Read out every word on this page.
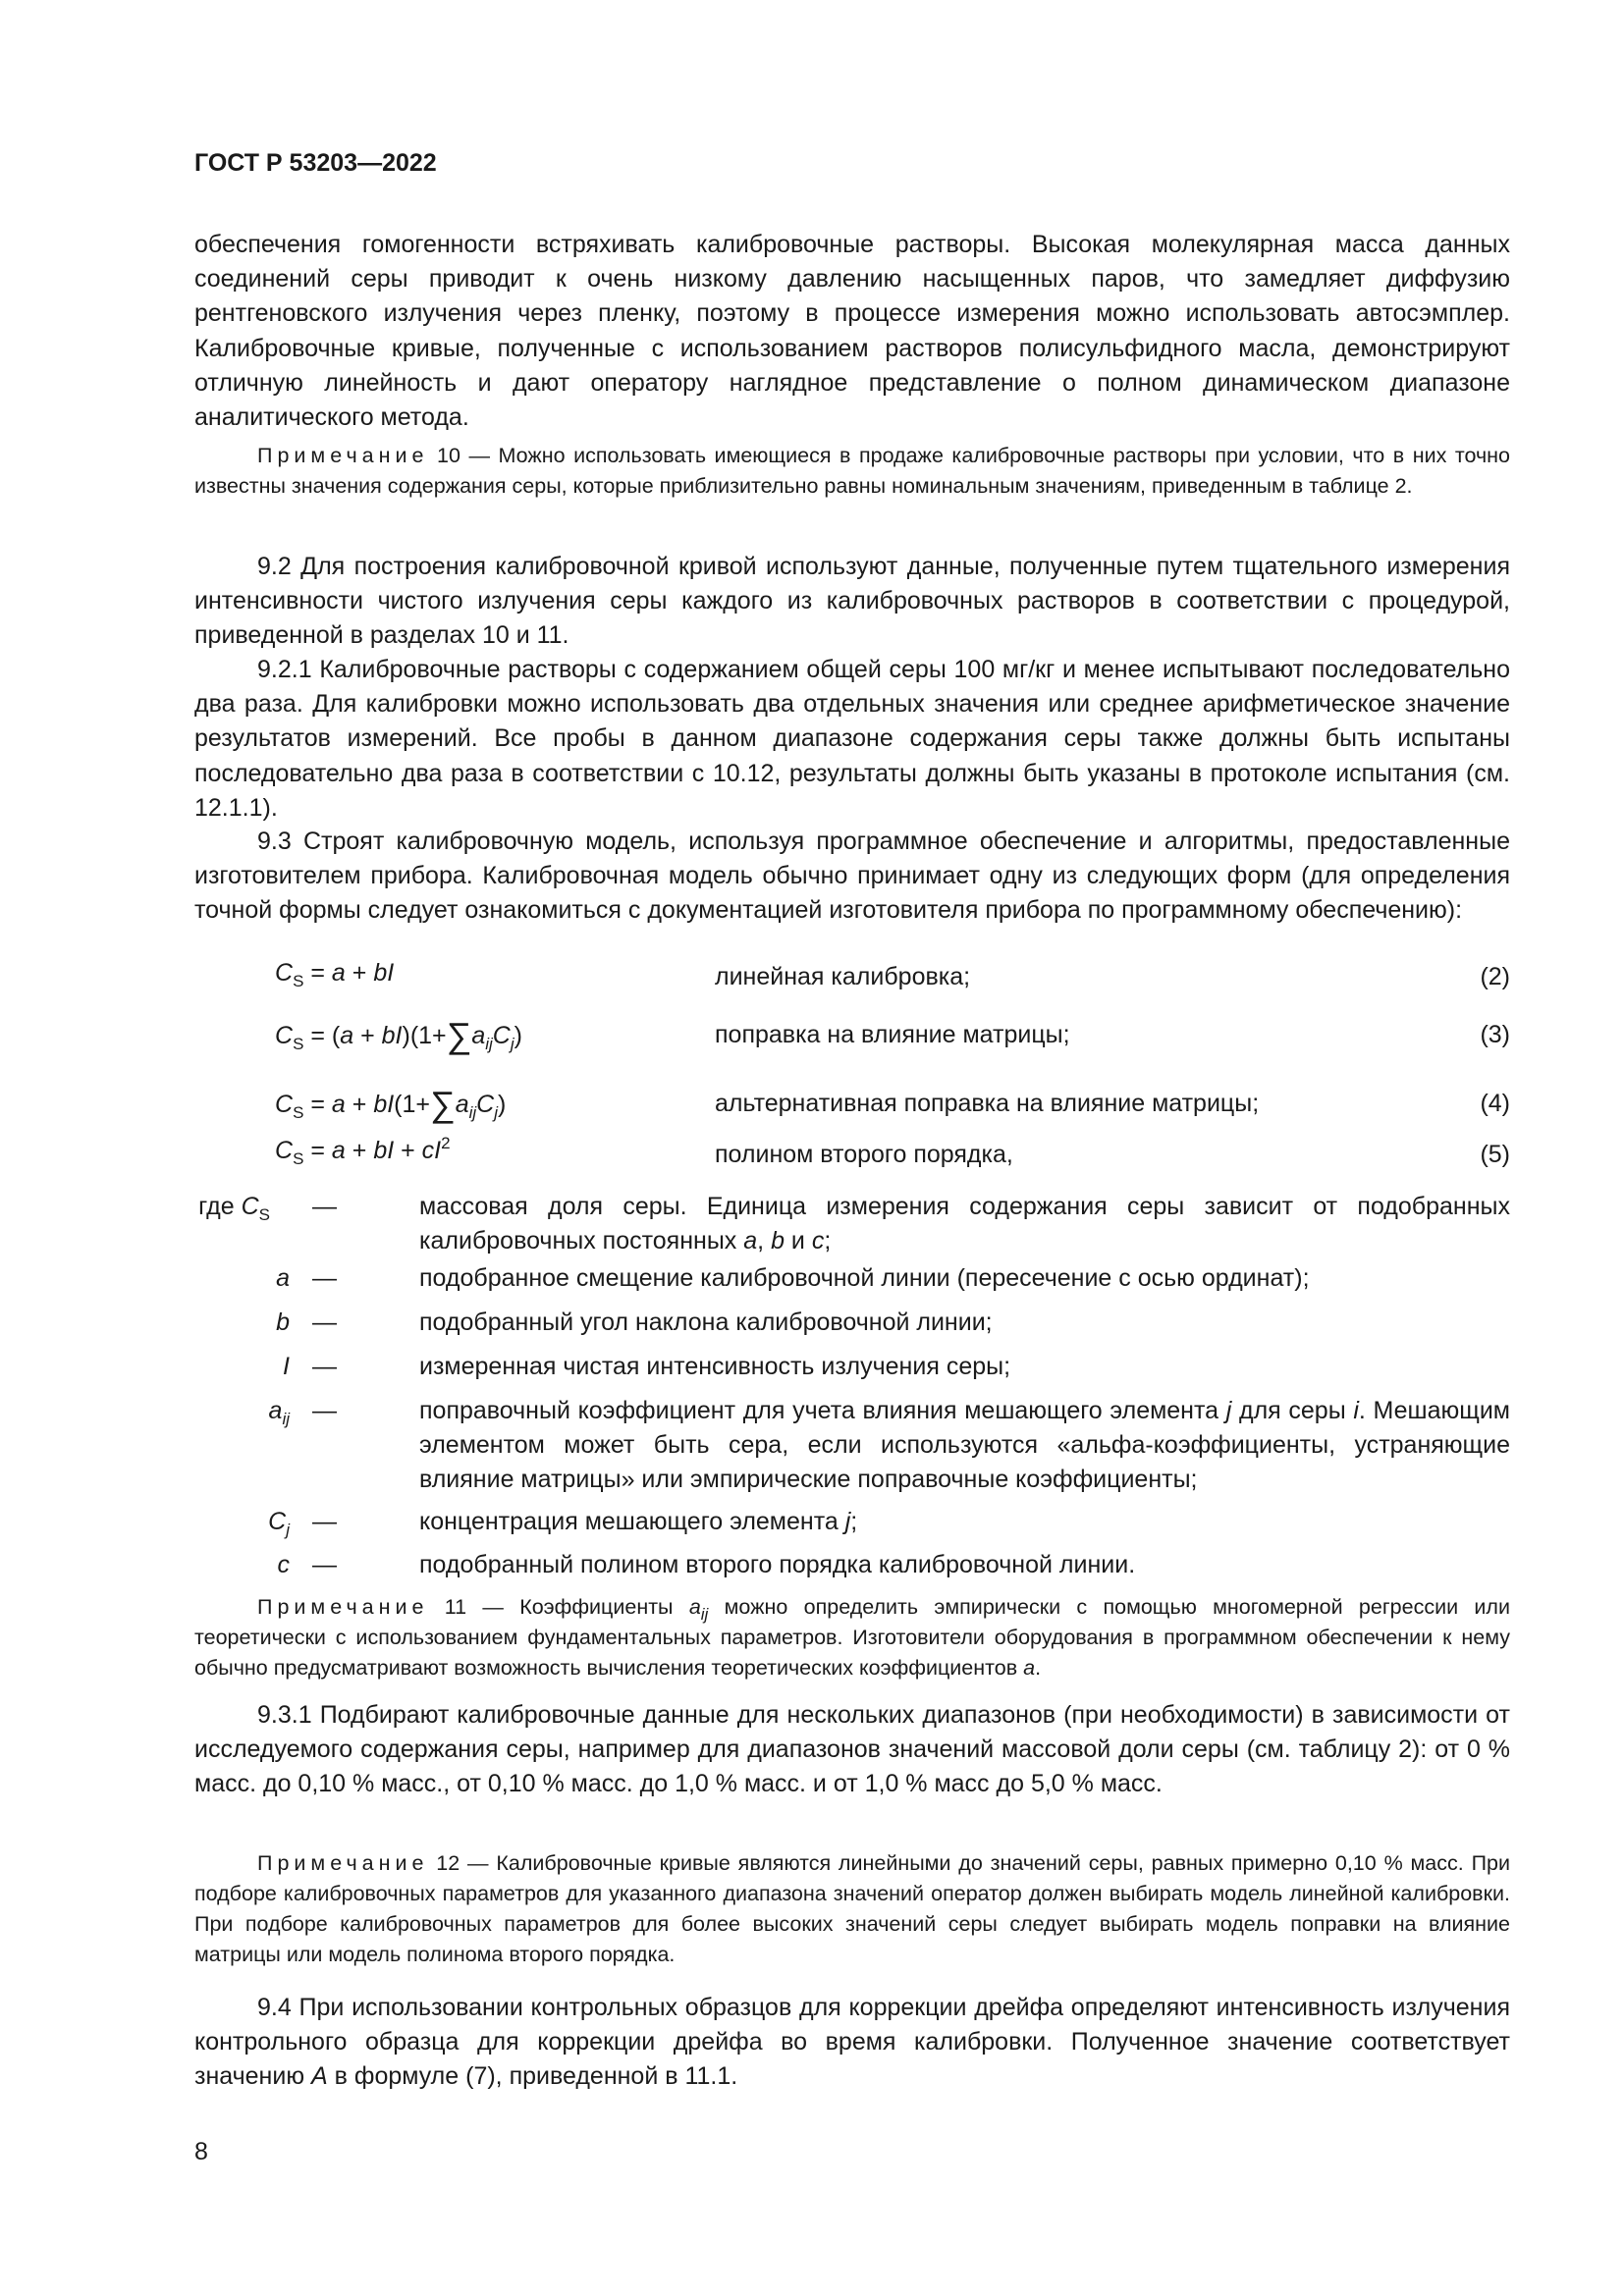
ГОСТ Р 53203—2022
обеспечения гомогенности встряхивать калибровочные растворы. Высокая молекулярная масса данных соединений серы приводит к очень низкому давлению насыщенных паров, что замедляет диффузию рентгеновского излучения через пленку, поэтому в процессе измерения можно использовать автосэмплер. Калибровочные кривые, полученные с использованием растворов полисульфидного масла, демонстрируют отличную линейность и дают оператору наглядное представление о полном динамическом диапазоне аналитического метода.
Примечание 10 — Можно использовать имеющиеся в продаже калибровочные растворы при условии, что в них точно известны значения содержания серы, которые приблизительно равны номинальным значениям, приведенным в таблице 2.
9.2 Для построения калибровочной кривой используют данные, полученные путем тщательного измерения интенсивности чистого излучения серы каждого из калибровочных растворов в соответствии с процедурой, приведенной в разделах 10 и 11.
9.2.1 Калибровочные растворы с содержанием общей серы 100 мг/кг и менее испытывают последовательно два раза. Для калибровки можно использовать два отдельных значения или среднее арифметическое значение результатов измерений. Все пробы в данном диапазоне содержания серы также должны быть испытаны последовательно два раза в соответствии с 10.12, результаты должны быть указаны в протоколе испытания (см. 12.1.1).
9.3 Строят калибровочную модель, используя программное обеспечение и алгоритмы, предоставленные изготовителем прибора. Калибровочная модель обычно принимает одну из следующих форм (для определения точной формы следует ознакомиться с документацией изготовителя прибора по программному обеспечению):
$C_S = a$ + bI	линейная калибровка;	(2)
$C_S = (a + bI)(1+\sum a_{ij}C_j)$	поправка на влияние матрицы;	(3)
$C_S = a + bI(1+\sum a_{ij}C_j)$	альтернативная поправка на влияние матрицы;	(4)
$C_S = a$ + bI + $cI^2$	полином второго порядка,	(5)
где $C_S$ —	массовая доля серы. Единица измерения содержания серы зависит от подобранных калибровочных постоянных a, b и c;
a —	подобранное смещение калибровочной линии (пересечение с осью ординат);
b —	подобранный угол наклона калибровочной линии;
I —	измеренная чистая интенсивность излучения серы;
$a_{ij}$ —	поправочный коэффициент для учета влияния мешающего элемента j для серы i. Мешающим элементом может быть сера, если используются «альфа-коэффициенты, устраняющие влияние матрицы» или эмпирические поправочные коэффициенты;
$C_j$ —	концентрация мешающего элемента j;
c —	подобранный полином второго порядка калибровочной линии.
Примечание 11 — Коэффициенты $a_{ij}$ можно определить эмпирически с помощью многомерной регрессии или теоретически с использованием фундаментальных параметров. Изготовители оборудования в программном обеспечении к нему обычно предусматривают возможность вычисления теоретических коэффициентов a.
9.3.1 Подбирают калибровочные данные для нескольких диапазонов (при необходимости) в зависимости от исследуемого содержания серы, например для диапазонов значений массовой доли серы (см. таблицу 2): от 0 % масс. до 0,10 % масс., от 0,10 % масс. до 1,0 % масс. и от 1,0 % масс до 5,0 % масс.
Примечание 12 — Калибровочные кривые являются линейными до значений серы, равных примерно 0,10 % масс. При подборе калибровочных параметров для указанного диапазона значений оператор должен выбирать модель линейной калибровки. При подборе калибровочных параметров для более высоких значений серы следует выбирать модель поправки на влияние матрицы или модель полинома второго порядка.
9.4 При использовании контрольных образцов для коррекции дрейфа определяют интенсивность излучения контрольного образца для коррекции дрейфа во время калибровки. Полученное значение соответствует значению A в формуле (7), приведенной в 11.1.
8
